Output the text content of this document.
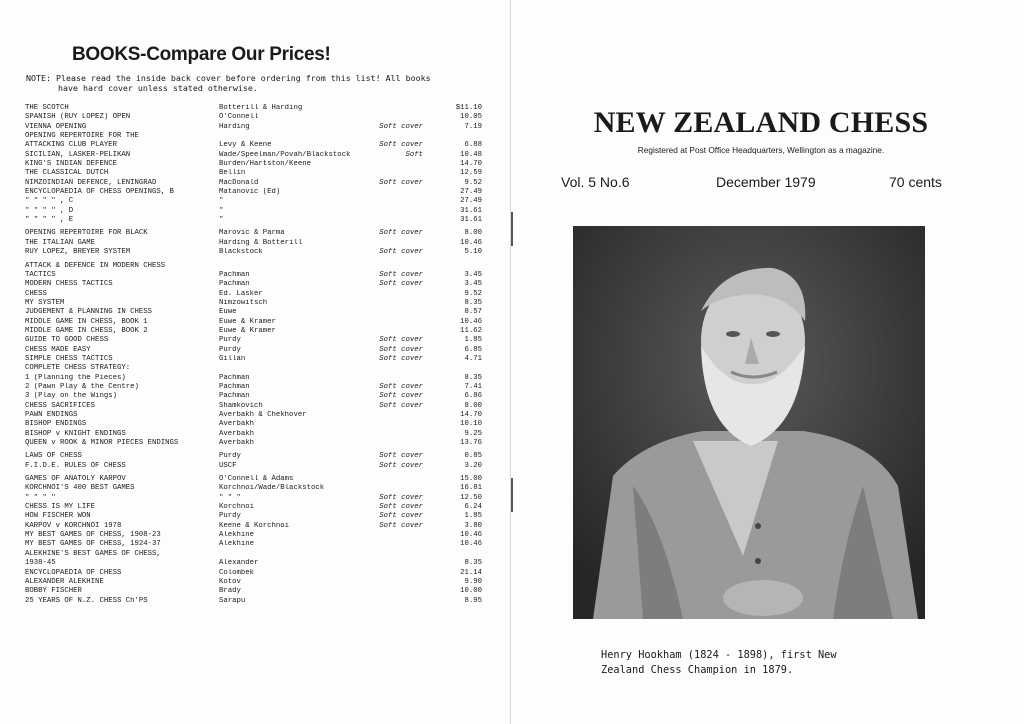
BOOKS-Compare Our Prices!
NOTE: Please read the inside back cover before ordering from this list! All books
have hard cover unless stated otherwise.
THE SCOTCH	Botterill & Harding	$11.10
SPANISH (RUY LOPEZ) OPEN	O'Connell	10.05
VIENNA OPENING	Harding	Soft cover	7.19
OPENING REPERTOIRE FOR THE
ATTACKING CLUB PLAYER	Levy & Keene	Soft cover	6.88
SICILIAN, LASKER-PELIKAN	Wade/Speelman/Povah/Blackstock	Soft	10.48
KING'S INDIAN DEFENCE	Burden/Hartston/Keene	14.70
THE CLASSICAL DUTCH	Bellin	12.59
NIMZOINDIAN DEFENCE, LENINGRAD	MacDonald	Soft cover	9.52
ENCYCLOPAEDIA OF CHESS OPENINGS, B	Matanovic (Ed)	27.49
" " " " , C	"	27.49
" " " " , D	"	31.61
" " " " , E	"	31.61
OPENING REPERTOIRE FOR BLACK	Marovic & Parma	Soft cover	8.00
THE ITALIAN GAME	Harding & Botterill	10.46
RUY LOPEZ, BREYER SYSTEM	Blackstock	Soft cover	5.10
ATTACK & DEFENCE IN MODERN CHESS
TACTICS	Pachman	Soft cover	3.45
MODERN CHESS TACTICS	Pachman	Soft cover	3.45
CHESS	Ed. Lasker	9.52
MY SYSTEM	Nimzowitsch	8.35
JUDGEMENT & PLANNING IN CHESS	Euwe	8.57
MIDDLE GAME IN CHESS, BOOK 1	Euwe & Kramer	10.46
MIDDLE GAME IN CHESS, BOOK 2	Euwe & Kramer	11.62
GUIDE TO GOOD CHESS	Purdy	Soft cover	1.85
CHESS MADE EASY	Purdy	Soft cover	6.85
SIMPLE CHESS TACTICS	Gillan	Soft cover	4.71
COMPLETE CHESS STRATEGY:
1 (Planning the Pieces)	Pachman	8.35
2 (Pawn Play & the Centre)	Pachman	Soft cover	7.41
3 (Play on the Wings)	Pachman	Soft cover	6.86
CHESS SACRIFICES	Shamkovich	Soft cover	8.00
PAWN ENDINGS	Averbakh & Chekhover	14.70
BISHOP ENDINGS	Averbakh	10.10
BISHOP v KNIGHT ENDINGS	Averbakh	9.25
QUEEN v ROOK & MINOR PIECES ENDINGS	Averbakh	13.76
LAWS OF CHESS	Purdy	Soft cover	0.85
F.I.D.E. RULES OF CHESS	USCF	Soft cover	3.20
GAMES OF ANATOLY KARPOV	O'Connell & Adams	15.00
KORCHNOI'S 400 BEST GAMES	Korchnoi/Wade/Blackstock	16.81
" " " "	" " "	Soft cover	12.50
CHESS IS MY LIFE	Korchnoi	Soft cover	6.24
HOW FISCHER WON	Purdy	Soft cover	1.85
KARPOV v KORCHNOI 1978	Keene & Korchnoi	Soft cover	3.80
MY BEST GAMES OF CHESS, 1908-23	Alekhine	10.46
MY BEST GAMES OF CHESS, 1924-37	Alekhine	10.46
ALEKHINE'S BEST GAMES OF CHESS,
1938-45	Alexander	8.35
ENCYCLOPAEDIA OF CHESS	Colombek	21.14
ALEXANDER ALEKHINE	Kotov	9.90
BOBBY FISCHER	Brady	10.00
25 YEARS OF N.Z. CHESS Ch'PS	Sarapu	8.95
NEW ZEALAND CHESS
Registered at Post Office Headquarters, Wellington as a magazine.
Vol. 5 No.6	December 1979	70 cents
Henry Hookham (1824 - 1898), first New
Zealand Chess Champion in 1879.
